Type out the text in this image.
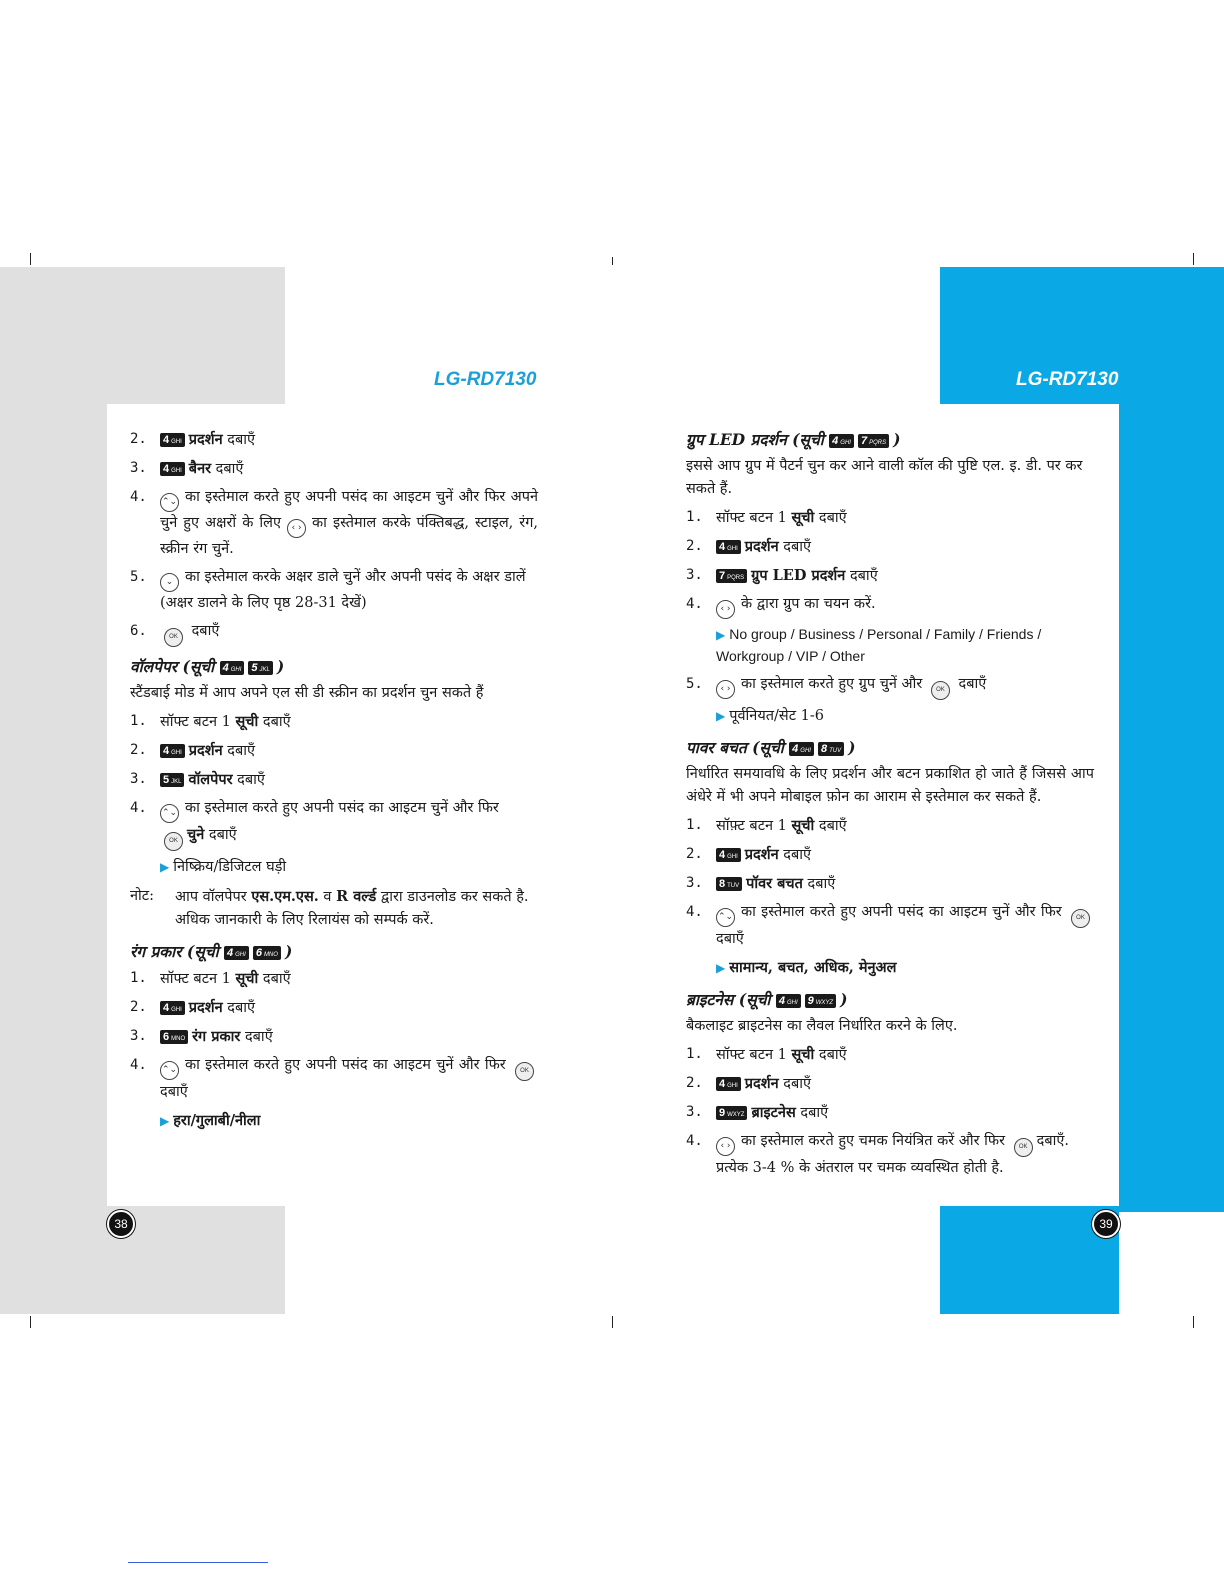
LG-RD7130	LG-RD7130
2.	4 GHI प्रदर्शन दबाएँ
3.	4 GHI बैनर दबाएँ
4.	⌃⌄ का इस्तेमाल करते हुए अपनी पसंद का आइटम चुनें और फिर अपने चुने हुए अक्षरों के लिए ‹ › का इस्तेमाल करके पंक्तिबद्ध, स्टाइल, रंग, स्क्रीन रंग चुनें.
5.	⌄ का इस्तेमाल करके अक्षर डाले चुनें और अपनी पसंद के अक्षर डालें (अक्षर डालने के लिए पृष्ठ 28-31 देखें)
6.	OK दबाएँ
वॉलपेपर (सूची 4 GHI 5 JKL )
स्टैंडबाई मोड में आप अपने एल सी डी स्क्रीन का प्रदर्शन चुन सकते हैं
1. सॉफ्ट बटन 1 सूची दबाएँ
2.	4 GHI प्रदर्शन दबाएँ
3.	5 JKL वॉलपेपर दबाएँ
4.	⌃⌄ का इस्तेमाल करते हुए अपनी पसंद का आइटम चुनें और फिर
OK चुने दबाएँ
▶ निष्क्रिय/डिजिटल घड़ी
नोट:	आप वॉलपेपर एस.एम.एस. व R वर्ल्ड द्वारा डाउनलोड कर सकते है. अधिक जानकारी के लिए रिलायंस को सम्पर्क करें.
रंग प्रकार (सूची 4 GHI 6 MNO )
1. सॉफ्ट बटन 1 सूची दबाएँ
2.	4 GHI प्रदर्शन दबाएँ
3.	6 MNO रंग प्रकार दबाएँ
4.	⌃⌄ का इस्तेमाल करते हुए अपनी पसंद का आइटम चुनें और फिर OKदबाएँ
▶ हरा/गुलाबी/नीला
38
ग्रुप LED प्रदर्शन (सूची 4 GHI 7 PQRS )
इससे आप ग्रुप में पैटर्न चुन कर आने वाली कॉल की पुष्टि एल. इ. डी. पर कर सकते हैं.
1. सॉफ्ट बटन 1 सूची दबाएँ
2.	4 GHI प्रदर्शन दबाएँ
3.	7 PQRS ग्रुप LED प्रदर्शन दबाएँ
4.	‹ › के द्वारा ग्रुप का चयन करें.
▶ No group / Business / Personal / Family / Friends / Workgroup / VIP / Other
5.	‹ › का इस्तेमाल करते हुए ग्रुप चुनें और OK दबाएँ
▶ पूर्वनियत/सेट 1-6
पावर बचत (सूची 4 GHI 8 TUV )
निर्धारित समयावधि के लिए प्रदर्शन और बटन प्रकाशित हो जाते हैं जिससे आप अंधेरे में भी अपने मोबाइल फ़ोन का आराम से इस्तेमाल कर सकते हैं.
1. सॉफ़्ट बटन 1 सूची दबाएँ
2.	4 GHI प्रदर्शन दबाएँ
3.	8 TUV पॉवर बचत दबाएँ
4.	⌃⌄ का इस्तेमाल करते हुए अपनी पसंद का आइटम चुनें और फिर OKदबाएँ
▶ सामान्य, बचत, अधिक, मेनुअल
ब्राइटनेस (सूची 4 GHI 9 WXYZ )
बैकलाइट ब्राइटनेस का लैवल निर्धारित करने के लिए.
1. सॉफ्ट बटन 1 सूची दबाएँ
2.	4 GHI प्रदर्शन दबाएँ
3.	9 WXYZ ब्राइटनेस दबाएँ
4.	‹ › का इस्तेमाल करते हुए चमक नियंत्रित करें और फिर OK दबाएँ. प्रत्येक 3-4 % के अंतराल पर चमक व्यवस्थित होती है.
39
